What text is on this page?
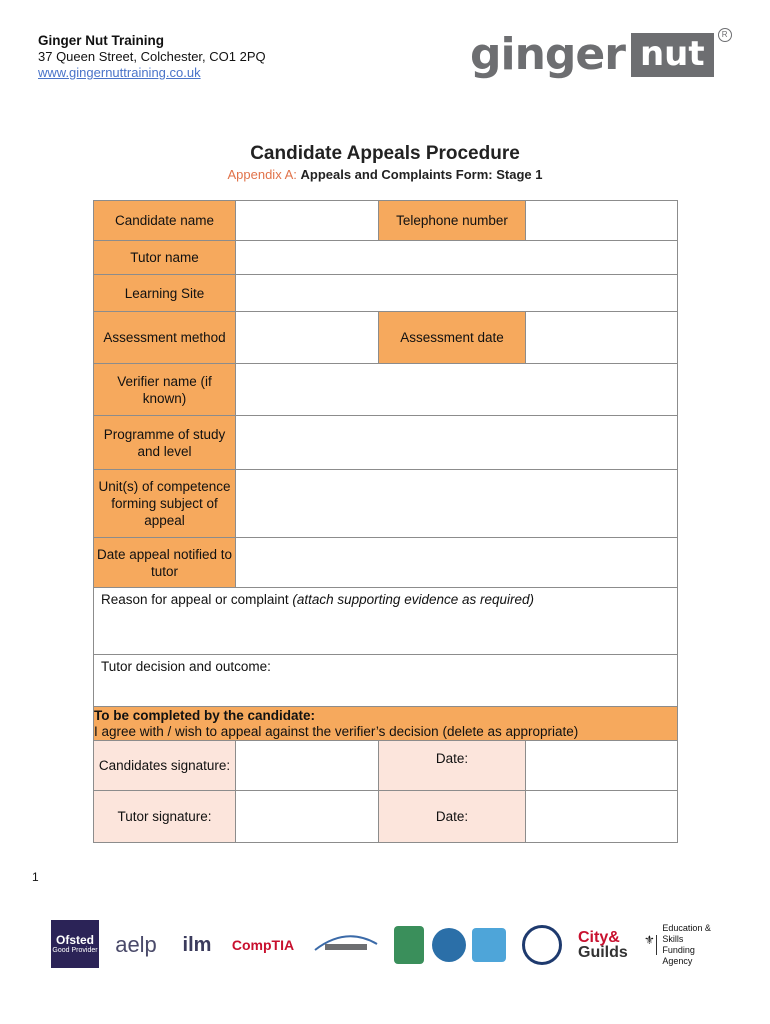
Ginger Nut Training
37 Queen Street, Colchester, CO1 2PQ
www.gingernuttraining.co.uk	ginger nut	R
Candidate Appeals Procedure
Appendix A: Appeals and Complaints Form: Stage 1
Candidate name		Telephone number	
Tutor name			
Learning Site			
Assessment method		Assessment date	
Verifier name (if known)			
Programme of study and level			
Unit(s) of competence forming subject of appeal			
Date appeal notified to tutor			
Reason for appeal or complaint (attach supporting evidence as required)			
Tutor decision and outcome:			

To be completed by the candidate:
I agree with / wish to appeal against the verifier’s decision (delete as appropriate)			
Candidates signature:		Date:	
Tutor signature:		Date:	
1
Ofsted
Good Provider aelp	ilm	CompTIA	City&
Guilds
⚜
Education & Skills
Funding Agency
